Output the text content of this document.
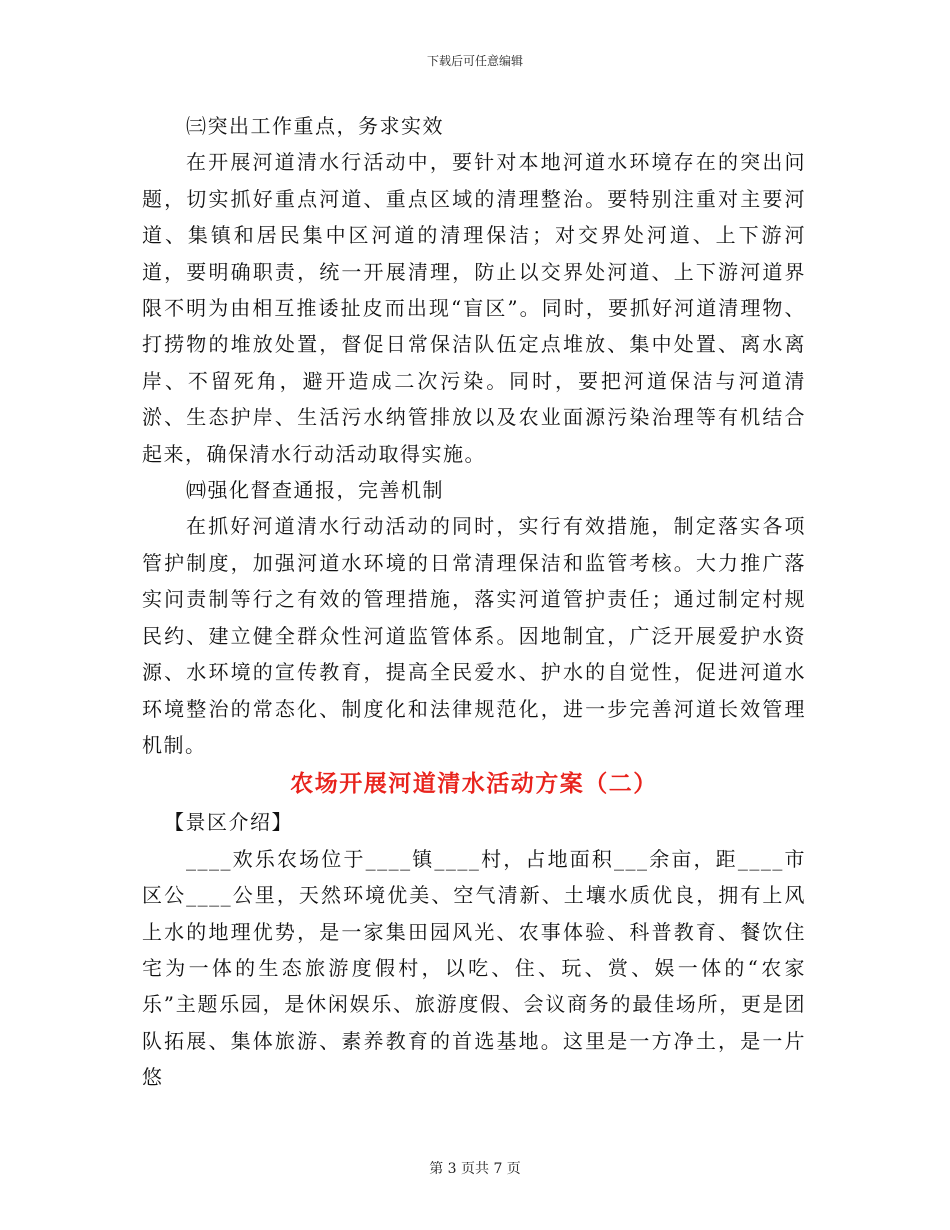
下载后可任意编辑

㈢突出工作重点，务求实效

在开展河道清水行活动中，要针对本地河道水环境存在的突出问题，切实抓好重点河道、重点区域的清理整治。要特别注重对主要河道、集镇和居民集中区河道的清理保洁；对交界处河道、上下游河道，要明确职责，统一开展清理，防止以交界处河道、上下游河道界限不明为由相互推诿扯皮而出现“盲区”。同时，要抓好河道清理物、打捞物的堆放处置，督促日常保洁队伍定点堆放、集中处置、离水离岸、不留死角，避开造成二次污染。同时，要把河道保洁与河道清淤、生态护岸、生活污水纳管排放以及农业面源污染治理等有机结合起来，确保清水行动活动取得实施。

㈣强化督查通报，完善机制

在抓好河道清水行动活动的同时，实行有效措施，制定落实各项管护制度，加强河道水环境的日常清理保洁和监管考核。大力推广落实问责制等行之有效的管理措施，落实河道管护责任；通过制定村规民约、建立健全群众性河道监管体系。因地制宜，广泛开展爱护水资源、水环境的宣传教育，提高全民爱水、护水的自觉性，促进河道水环境整治的常态化、制度化和法律规范化，进一步完善河道长效管理机制。

农场开展河道清水活动方案（二）

【景区介绍】

____欢乐农场位于____镇____村，占地面积___余亩，距____市区公____公里，天然环境优美、空气清新、土壤水质优良，拥有上风上水的地理优势，是一家集田园风光、农事体验、科普教育、餐饮住宅为一体的生态旅游度假村，以吃、住、玩、赏、娱一体的“农家乐”主题乐园，是休闲娱乐、旅游度假、会议商务的最佳场所，更是团队拓展、集体旅游、素养教育的首选基地。这里是一方净土，是一片悠

第 3 页共 7 页
